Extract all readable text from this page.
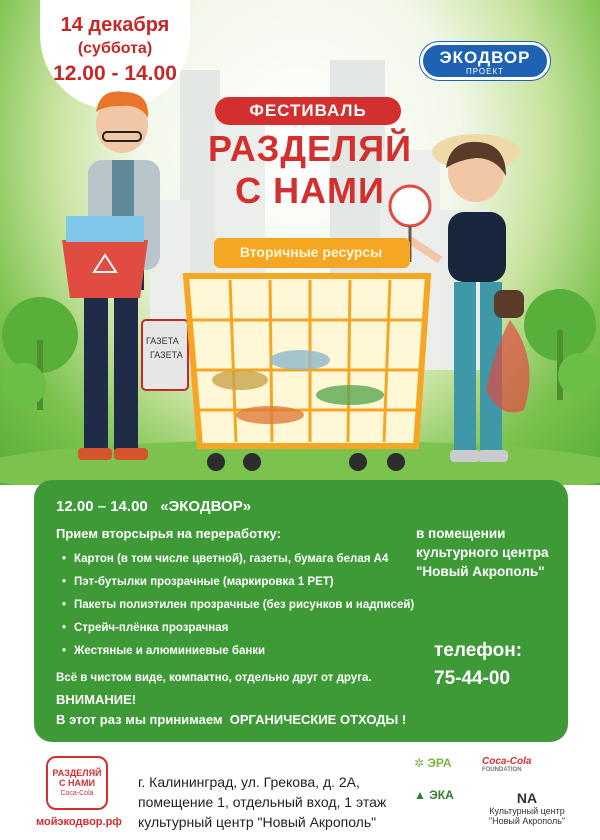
14 декабря
(суббота)
12.00 - 14.00
ЭКОДВОР
ПРОЕКТ
ФЕСТИВАЛЬ
РАЗДЕЛЯЙ
С НАМИ
ГАЗЕТА
ГАЗЕТА
Вторичные ресурсы
12.00 – 14.00   «ЭКОДВОР»
Прием вторсырья на переработку:
• Картон (в том числе цветной), газеты, бумага белая А4
• Пэт-бутылки прозрачные (маркировка 1 PET)
• Пакеты полиэтилен прозрачные (без рисунков и надписей)
• Стрейч-плёнка прозрачная
• Жестяные и алюминиевые банки
в помещении
культурного центра
"Новый Акрополь"
телефон:
75-44-00
Всё в чистом виде, компактно, отдельно друг от друга.
ВНИМАНИЕ!
В этот раз мы принимаем  ОРГАНИЧЕСКИЕ ОТХОДЫ !
РАЗДЕЛЯЙ
С НАМИ
Coca-Cola
мойэкодвор.рф
г. Калининград, ул. Грекова, д. 2А,
помещение 1, отдельный вход, 1 этаж
культурный центр "Новый Акрополь"
✲ ЭРА
▲ ЭКА
Coca-Cola
FOUNDATION
NA
Культурный центр
"Новый Акрополь"
